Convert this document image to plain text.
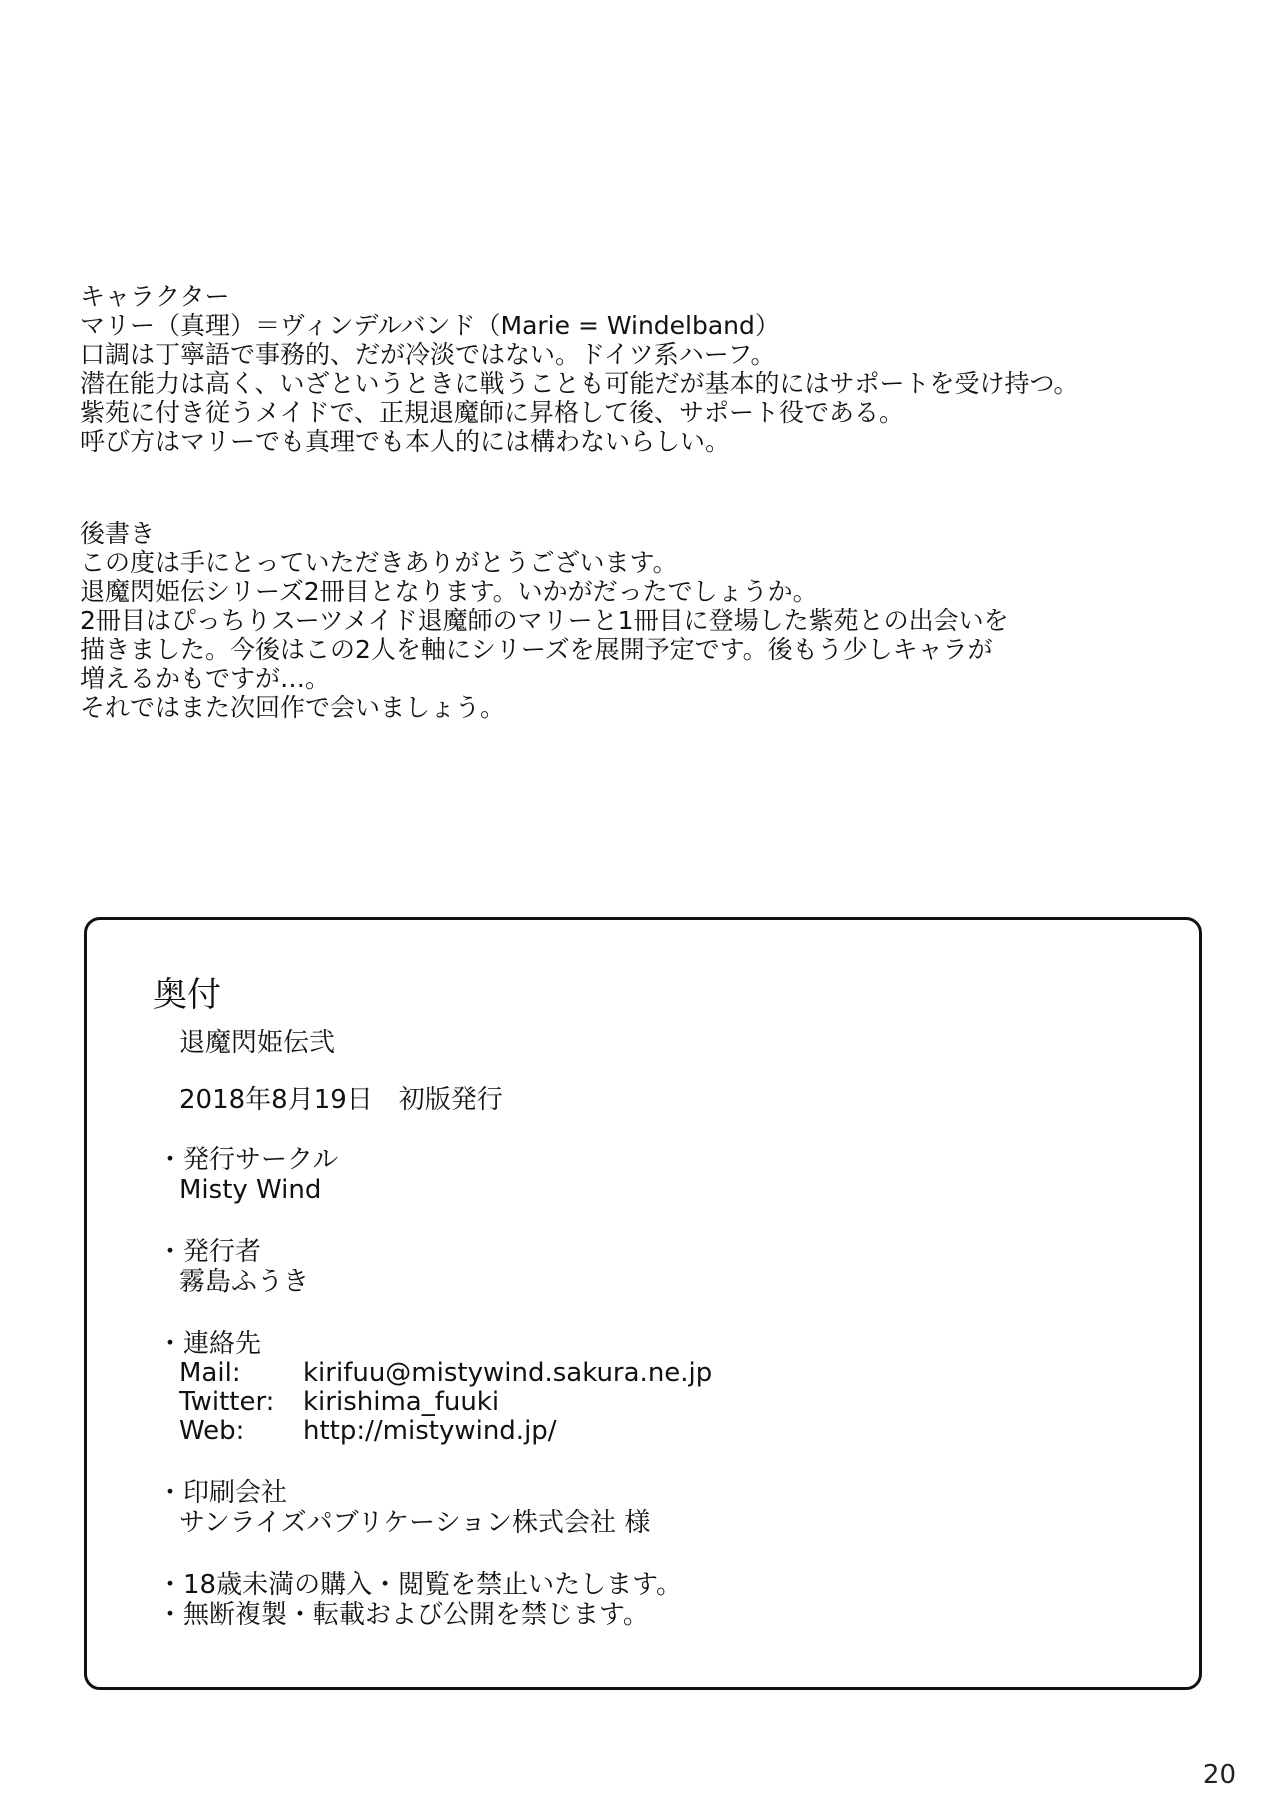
キャラクター
マリー（真理）＝ヴィンデルバンド（Marie = Windelband）
口調は丁寧語で事務的、だが冷淡ではない。ドイツ系ハーフ。
潜在能力は高く、いざというときに戦うことも可能だが基本的にはサポートを受け持つ。
紫苑に付き従うメイドで、正規退魔師に昇格して後、サポート役である。
呼び方はマリーでも真理でも本人的には構わないらしい。
後書き
この度は手にとっていただきありがとうございます。
退魔閃姫伝シリーズ2冊目となります。いかがだったでしょうか。
2冊目はぴっちりスーツメイド退魔師のマリーと1冊目に登場した紫苑との出会いを
描きました。今後はこの2人を軸にシリーズを展開予定です。後もう少しキャラが
増えるかもですが…。
それではまた次回作で会いましょう。
奥付
退魔閃姫伝弐
2018年8月19日　初版発行
・発行サークル
Misty Wind
・発行者
霧島ふうき
・連絡先
Mail: kirifuu@mistywind.sakura.ne.jp
Twitter: kirishima_fuuki
Web: http://mistywind.jp/
・印刷会社
サンライズパブリケーション株式会社 様
・18歳未満の購入・閲覧を禁止いたします。
・無断複製・転載および公開を禁じます。
20
